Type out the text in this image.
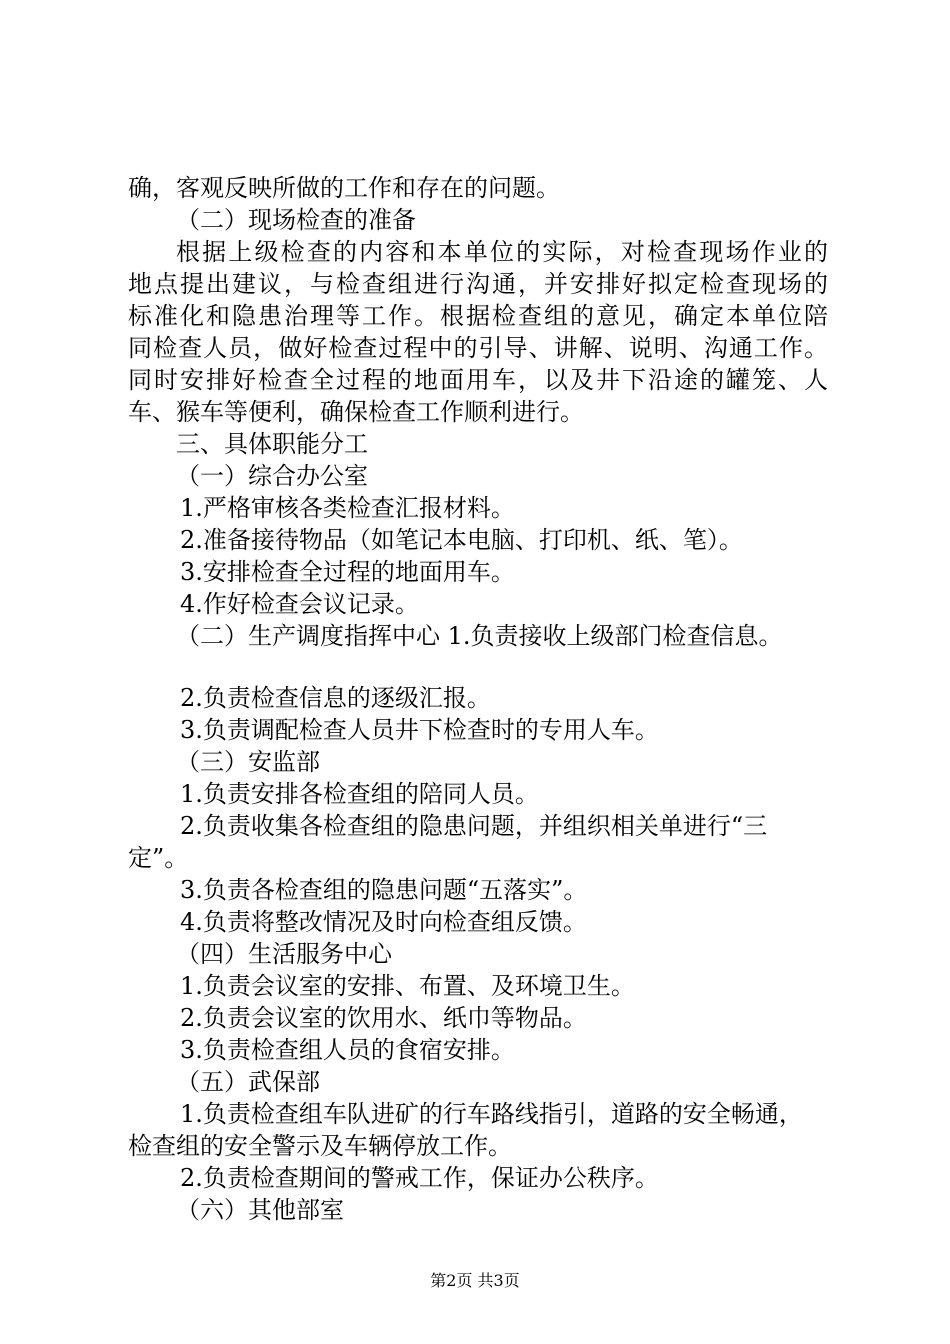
确，客观反映所做的工作和存在的问题。

（二）现场检查的准备

根据上级检查的内容和本单位的实际，对检查现场作业的

地点提出建议，与检查组进行沟通，并安排好拟定检查现场的

标准化和隐患治理等工作。根据检查组的意见，确定本单位陪

同检查人员，做好检查过程中的引导、讲解、说明、沟通工作。

同时安排好检查全过程的地面用车，以及井下沿途的罐笼、人

车、猴车等便利，确保检查工作顺利进行。

三、具体职能分工

（一）综合办公室

1.严格审核各类检查汇报材料。

2.准备接待物品（如笔记本电脑、打印机、纸、笔）。

3.安排检查全过程的地面用车。

4.作好检查会议记录。

（二）生产调度指挥中心 1.负责接收上级部门检查信息。

2.负责检查信息的逐级汇报。

3.负责调配检查人员井下检查时的专用人车。

（三）安监部

1.负责安排各检查组的陪同人员。

2.负责收集各检查组的隐患问题，并组织相关单进行“三

定”。

3.负责各检查组的隐患问题“五落实”。

4.负责将整改情况及时向检查组反馈。

（四）生活服务中心

1.负责会议室的安排、布置、及环境卫生。

2.负责会议室的饮用水、纸巾等物品。

3.负责检查组人员的食宿安排。

（五）武保部

1.负责检查组车队进矿的行车路线指引，道路的安全畅通，

检查组的安全警示及车辆停放工作。

2.负责检查期间的警戒工作，保证办公秩序。

（六）其他部室

第2页 共3页
